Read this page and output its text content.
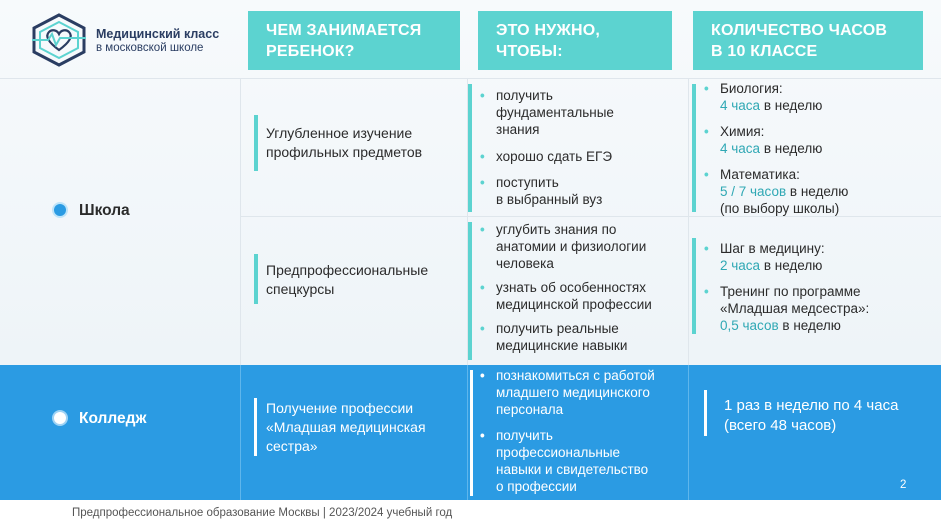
Медицинский класс
в московской школе
ЧЕМ ЗАНИМАЕТСЯ
РЕБЕНОК?
ЭТО НУЖНО,
ЧТОБЫ:
КОЛИЧЕСТВО ЧАСОВ
В 10 КЛАССЕ
Школа
Колледж
Углубленное изучение
профильных предметов
Предпрофессиональные
спецкурсы
Получение профессии
«Младшая медицинская
сестра»
• получить
фундаментальные
знания
• хорошо сдать ЕГЭ
• поступить
в выбранный вуз
• углубить знания по
анатомии и физиологии
человека
• узнать об особенностях
медицинской профессии
• получить реальные
медицинские навыки
• познакомиться с работой
младшего медицинского
персонала
• получить
профессиональные
навыки и свидетельство
о профессии
• Биология:
4 часа в неделю
• Химия:
4 часа в неделю
• Математика:
5 / 7 часов в неделю
(по выбору школы)
• Шаг в медицину:
2 часа в неделю
• Тренинг по программе
«Младшая медсестра»:
0,5 часов в неделю
1 раз в неделю по 4 часа
(всего 48 часов)
2
Предпрофессиональное образование Москвы | 2023/2024 учебный год
